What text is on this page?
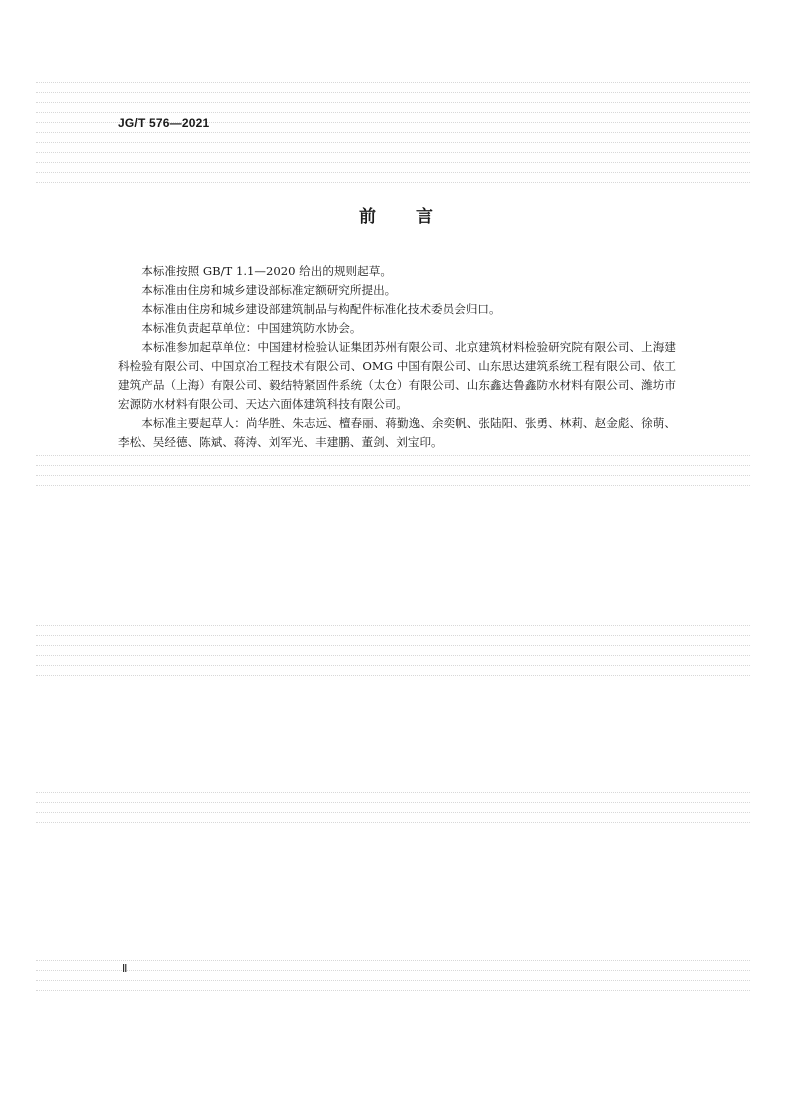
JG/T 576—2021
前 言

本标准按照 GB/T 1.1—2020 给出的规则起草。

本标准由住房和城乡建设部标准定额研究所提出。

本标准由住房和城乡建设部建筑制品与构配件标准化技术委员会归口。

本标准负责起草单位：中国建筑防水协会。

本标准参加起草单位：中国建材检验认证集团苏州有限公司、北京建筑材料检验研究院有限公司、上海建科检验有限公司、中国京冶工程技术有限公司、OMG 中国有限公司、山东思达建筑系统工程有限公司、依工建筑产品（上海）有限公司、毅结特紧固件系统（太仓）有限公司、山东鑫达鲁鑫防水材料有限公司、潍坊市宏源防水材料有限公司、天达六面体建筑科技有限公司。

本标准主要起草人：尚华胜、朱志远、檀春丽、蒋勤逸、余奕帆、张陆阳、张勇、林莉、赵金彪、徐萌、李松、吴经德、陈斌、蒋涛、刘军光、丰建鹏、董剑、刘宝印。

Ⅱ
